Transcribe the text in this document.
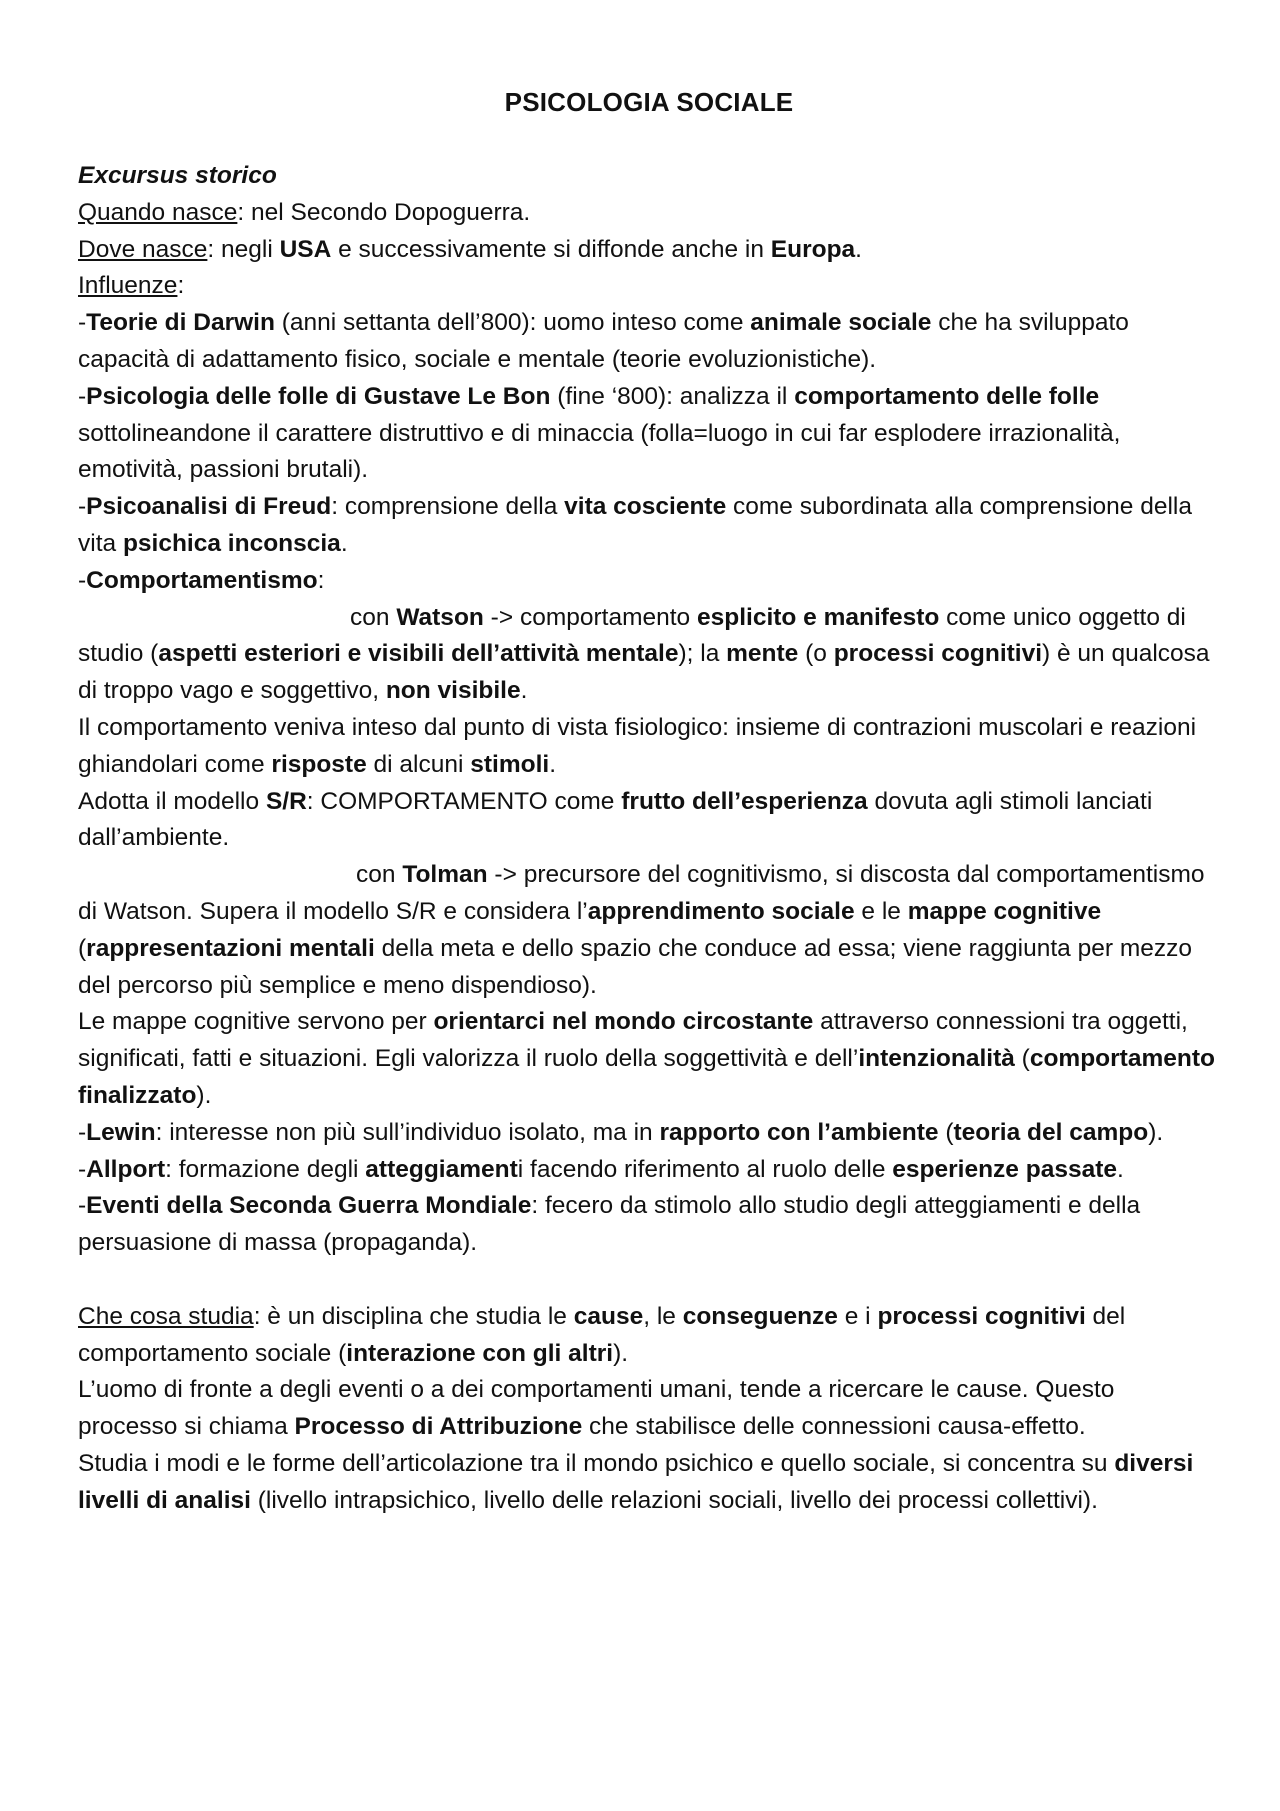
PSICOLOGIA SOCIALE

Excursus storico

Quando nasce: nel Secondo Dopoguerra.

Dove nasce: negli USA e successivamente si diffonde anche in Europa.

Influenze:

-Teorie di Darwin (anni settanta dell’800): uomo inteso come animale sociale che ha sviluppato capacità di adattamento fisico, sociale e mentale (teorie evoluzionistiche).

-Psicologia delle folle di Gustave Le Bon (fine ‘800): analizza il comportamento delle folle sottolineandone il carattere distruttivo e di minaccia (folla=luogo in cui far esplodere irrazionalità, emotività, passioni brutali).

-Psicoanalisi di Freud: comprensione della vita cosciente come subordinata alla comprensione della vita psichica inconscia.

-Comportamentismo:

con Watson -> comportamento esplicito e manifesto come unico oggetto di studio (aspetti esteriori e visibili dell’attività mentale); la mente (o processi cognitivi) è un qualcosa di troppo vago e soggettivo, non visibile.

Il comportamento veniva inteso dal punto di vista fisiologico: insieme di contrazioni muscolari e reazioni ghiandolari come risposte di alcuni stimoli.

Adotta il modello S/R: COMPORTAMENTO come frutto dell’esperienza dovuta agli stimoli lanciati dall’ambiente.

con Tolman -> precursore del cognitivismo, si discosta dal comportamentismo di Watson. Supera il modello S/R e considera l’apprendimento sociale e le mappe cognitive (rappresentazioni mentali della meta e dello spazio che conduce ad essa; viene raggiunta per mezzo del percorso più semplice e meno dispendioso).

Le mappe cognitive servono per orientarci nel mondo circostante attraverso connessioni tra oggetti, significati, fatti e situazioni. Egli valorizza il ruolo della soggettività e dell’intenzionalità (comportamento finalizzato).

-Lewin: interesse non più sull’individuo isolato, ma in rapporto con l’ambiente (teoria del campo).

-Allport: formazione degli atteggiamenti facendo riferimento al ruolo delle esperienze passate.

-Eventi della Seconda Guerra Mondiale: fecero da stimolo allo studio degli atteggiamenti e della persuasione di massa (propaganda).

Che cosa studia: è un disciplina che studia le cause, le conseguenze e i processi cognitivi del comportamento sociale (interazione con gli altri).

L’uomo di fronte a degli eventi o a dei comportamenti umani, tende a ricercare le cause. Questo processo si chiama Processo di Attribuzione che stabilisce delle connessioni causa-effetto.

Studia i modi e le forme dell’articolazione tra il mondo psichico e quello sociale, si concentra su diversi livelli di analisi (livello intrapsichico, livello delle relazioni sociali, livello dei processi collettivi).
